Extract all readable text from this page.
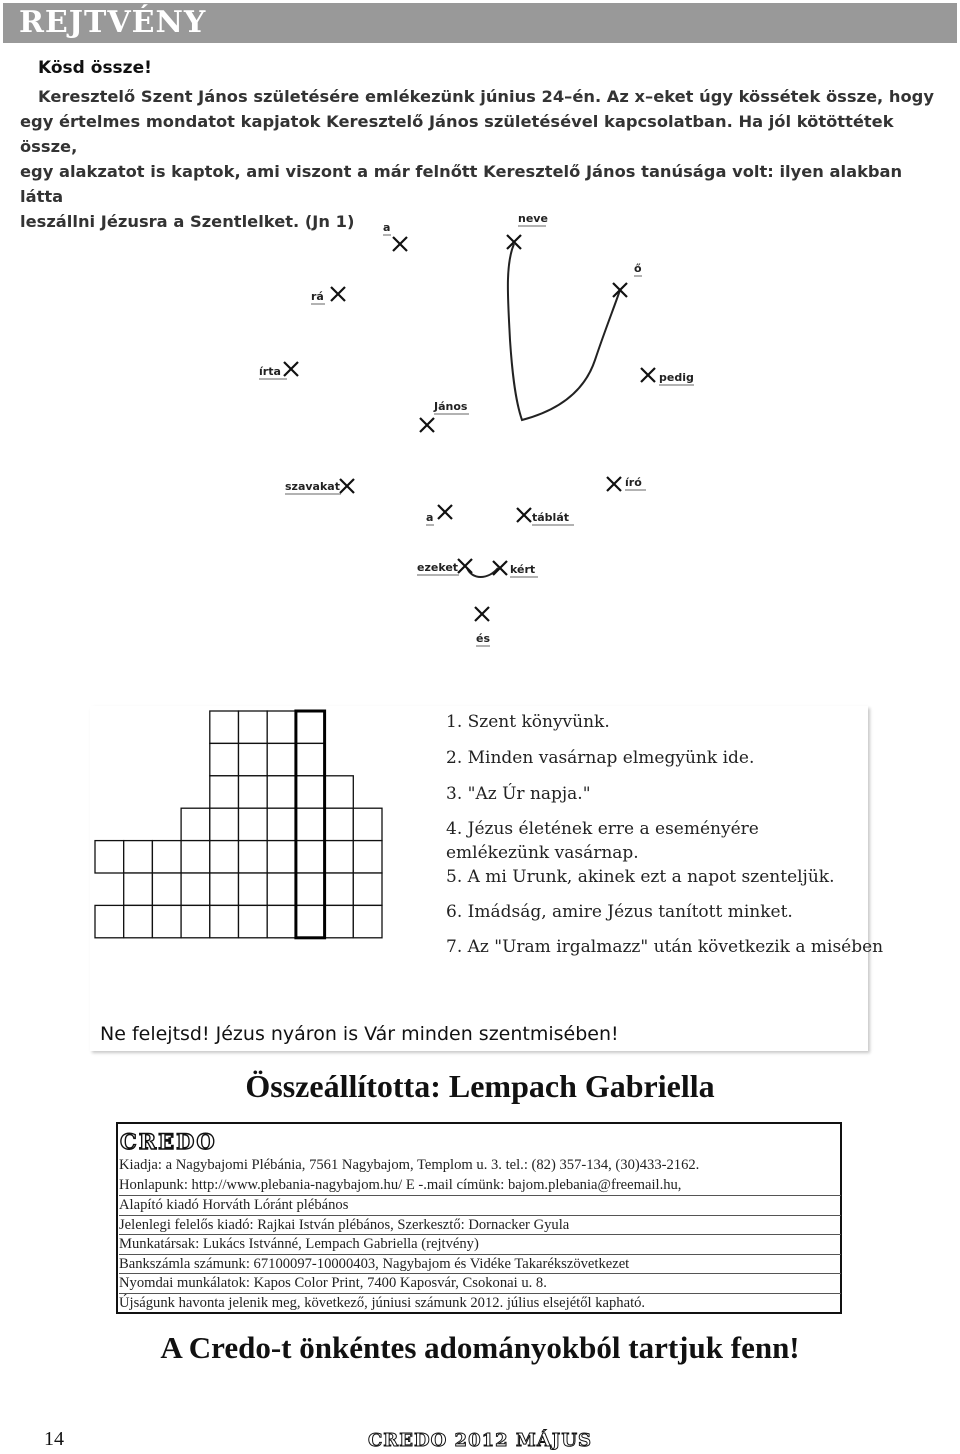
REJTVÉNY
Kösd össze!
Keresztelő Szent János születésére emlékezünk június 24–én. Az x–eket úgy kössétek össze, hogy
egy értelmes mondatot kapjatok Keresztelő János születésével kapcsolatban. Ha jól kötöttétek össze,
egy alakzatot is kaptok, ami viszont a már felnőtt Keresztelő János tanúsága volt: ilyen alakban látta
leszállni Jézusra a Szentlelket. (Jn 1)	a
neve
ő
rá
írta	pedig
János
szavakat	író
a	táblát
ezeket	kért
és
1. Szent könyvünk.
2. Minden vasárnap elmegyünk ide.
3. "Az Úr napja."
4. Jézus életének erre a eseményére emlékezünk vasárnap.
5. A mi Urunk, akinek ezt a napot szenteljük.
6. Imádság, amire Jézus tanított minket.
7. Az "Uram irgalmazz" után következik a misében
Ne felejtsd! Jézus nyáron is Vár minden szentmisében!
Összeállította: Lempach Gabriella
CREDO
Kiadja: a Nagybajomi Plébánia, 7561 Nagybajom, Templom u. 3. tel.: (82) 357-134, (30)433-2162.
Honlapunk: http://www.plebania-nagybajom.hu/ E -.mail címünk: bajom.plebania@freemail.hu,
Alapító kiadó Horváth Lóránt plébános
Jelenlegi felelős kiadó: Rajkai István plébános, Szerkesztő: Dornacker Gyula
Munkatársak: Lukács Istvánné, Lempach Gabriella (rejtvény)
Bankszámla számunk: 67100097-10000403, Nagybajom és Vidéke Takarékszövetkezet
Nyomdai munkálatok: Kapos Color Print, 7400 Kaposvár, Csokonai u. 8.
Újságunk havonta jelenik meg, következő, júniusi számunk 2012. július elsejétől kapható.
A Credo-t önkéntes adományokból tartjuk fenn!
14	CREDO 2012 MÁJUS
